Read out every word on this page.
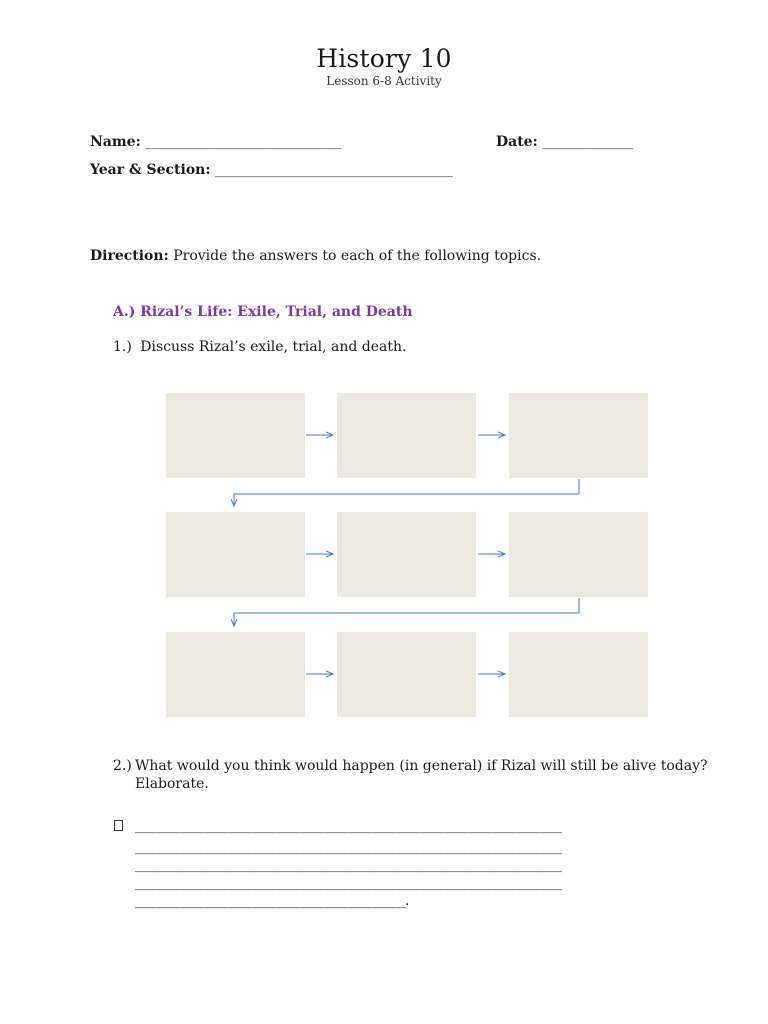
History 10
Lesson 6-8 Activity
Name: ____________________________	Date: _____________
Year & Section: __________________________________
Direction: Provide the answers to each of the following topics.
A.) Rizal’s Life: Exile, Trial, and Death
1.) Discuss Rizal’s exile, trial, and death.
2.) What would you think would happen (in general) if Rizal will still be alive today?
Elaborate.
_______________________________________________________________________
_______________________________________________________________________
_______________________________________________________________________
_______________________________________________________________________
_____________________________________________.
